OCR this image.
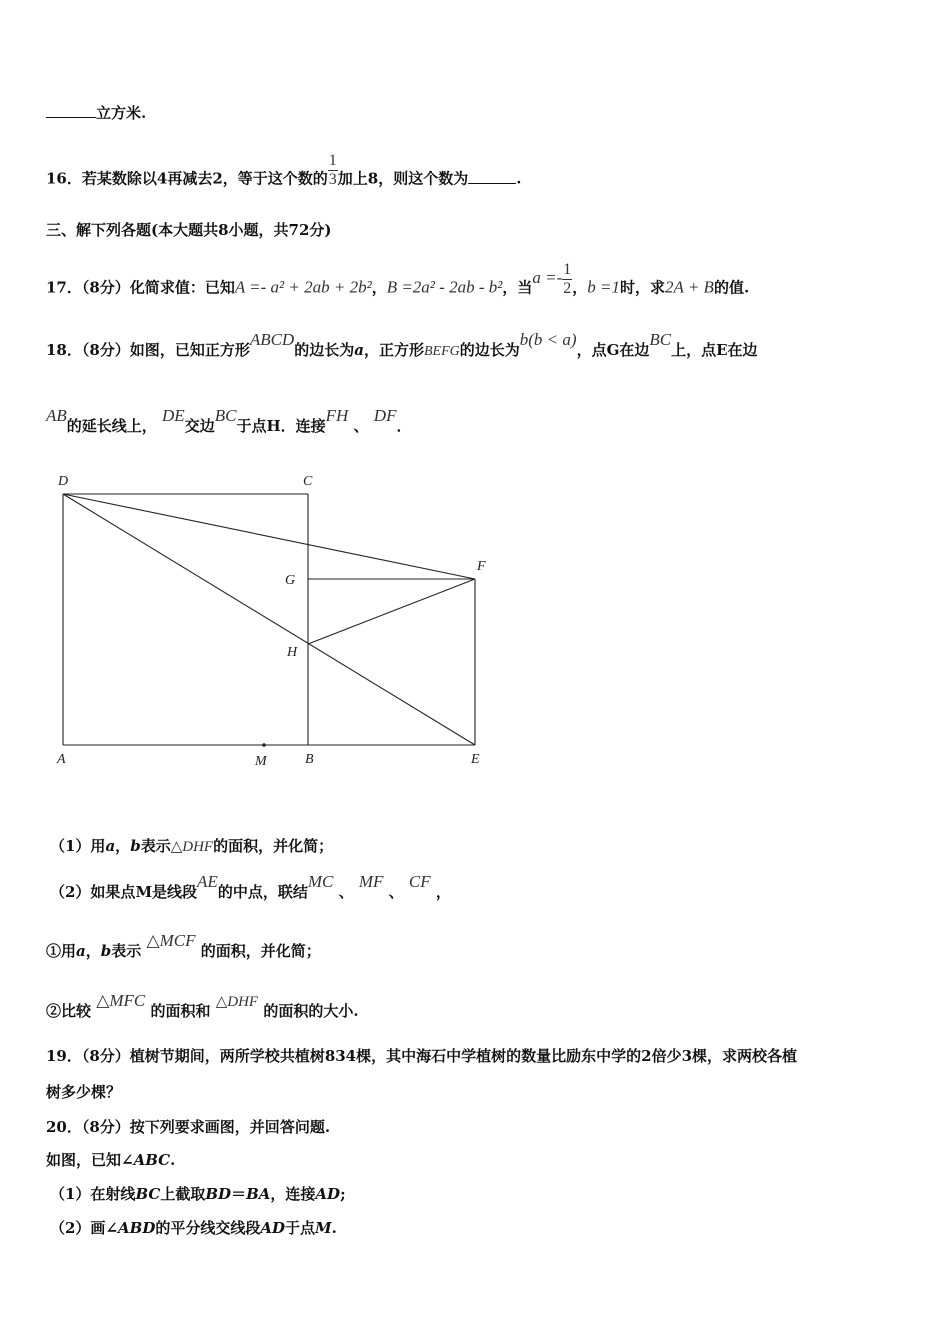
立方米.
16．若某数除以4再减去2，等于这个数的 $\frac{1}{3}$ 加上8，则这个数为	.
三、解下列各题(本大题共8小题，共72分)
17．（8分）化简求值：已知A =- a² + 2ab + 2b²，B =2a² - 2ab - b²，当$a =- \frac{1}{2}$ ，b =1时，求2A + B的值.
18．（8分）如图，已知正方形ABCD的边长为a，正方形BEFG的边长为b(b < a)，点G在边BC上，点E在边
AB的延长线上， DE交边BC于点H．连接FH 、 DF．
D	C
G
F
H
A	M	B	E
（1）用a，b表示△DHF的面积，并化简；
（2）如果点M是线段AE的中点，联结MC 、 MF 、 CF ，
①用a，b表示 △MCF 的面积，并化简；
②比较 △MFC 的面积和 △DHF 的面积的大小.
19．（8分）植树节期间，两所学校共植树834棵，其中海石中学植树的数量比励东中学的2倍少3棵，求两校各植
树多少棵？
20．（8分）按下列要求画图，并回答问题.
如图，已知∠ABC.
（1）在射线BC上截取BD＝BA，连接AD;
（2）画∠ABD的平分线交线段AD于点M.
